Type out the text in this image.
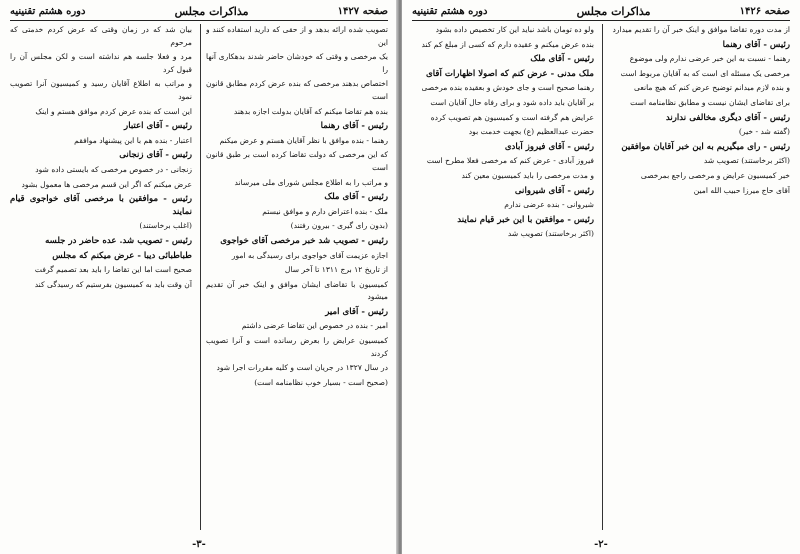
صفحه ۱۴۲۷
مذاکرات مجلس
دوره هشتم تقنينيه

تصویب شده ارائه بدهد و از حقی که دارید استفاده کنند و این

یک مرخصی و وقتی که خودشان حاضر شدند بدهکاری آنها را

اختصاص بدهند مرخصی که بنده عرض کردم مطابق قانون است

بنده هم تقاضا میکنم که آقایان بدولت اجازه بدهند

رئیس - آقای رهنما

رهنما - بنده موافق با نظر آقایان هستم و عرض میکنم

که این مرخصی که دولت تقاضا کرده است بر طبق قانون است

و مراتب را به اطلاع مجلس شورای ملی میرساند

رئیس - آقای ملک

ملک - بنده اعتراض دارم و موافق نیستم

(بدون رای گیری - بیرون رفتند)

رئیس - تصویب شد خبر مرخصی آقای خواجوی

اجازه عزیمت آقای خواجوی برای رسیدگی به امور

از تاریخ ۱۲ برج ۱۳۱۱ تا آخر سال

کمیسیون با تقاضای ایشان موافق و اینک خبر آن تقدیم میشود

رئیس - آقای امیر

امیر - بنده در خصوص این تقاضا عرضی داشتم

کمیسیون عرایض را بعرض رسانده است و آنرا تصویب کردند

در سال ۱۳۲۷ در جریان است و کلیه مقررات اجرا شود

(صحیح است - بسیار خوب نظامنامه است)

بیان شد که در زمان وقتی که عرض کردم خدمتی که مرحوم

مرد و فعلا جلسه هم نداشته است و لکن مجلس آن را قبول کرد

و مراتب به اطلاع آقایان رسید و کمیسیون آنرا تصویب نمود

این است که بنده عرض کردم موافق هستم و اینک

رئیس - آقای اعتبار

اعتبار - بنده هم با این پیشنهاد موافقم

رئیس - آقای زنجانی

زنجانی - در خصوص مرخصی که بایستی داده شود

عرض میکنم که اگر این قسم مرخصی ها معمول بشود

رئیس - موافقین با مرخصی آقای خواجوی قیام نمایند

(اغلب برخاستند)

رئیس - تصویب شد. عده حاضر در جلسه

طباطبائی دیبا - عرض میکنم که مجلس

صحیح است اما این تقاضا را باید بعد تصمیم گرفت

آن وقت باید به کمیسیون بفرستیم که رسیدگی کند

-۳-
صفحه ۱۴۲۶
مذاکرات مجلس
دوره هشتم تقنینیه

از مدت دوره تقاضا موافق و اینک خبر آن را تقدیم میدارد

رئیس - آقای رهنما

رهنما - نسبت به این خبر عرضی ندارم ولی موضوع

مرخصی یک مسئله ای است که به آقایان مربوط است

و بنده لازم میدانم توضیح عرض کنم که هیچ مانعی

برای تقاضای ایشان نیست و مطابق نظامنامه است

رئیس - آقای دیگری مخالفی ندارند

(گفته شد - خیر)

رئیس - رای میگیریم به این خبر آقایان موافقین

(اکثر برخاستند) تصویب شد

خبر کمیسیون عرایض و مرخصی راجع بمرخصی

آقای حاج میرزا حبیب الله امین

ولو ده تومان باشد نباید این کار تخصیص داده بشود

بنده عرض میکنم و عقیده دارم که کسی از مبلغ کم کند

رئیس - آقای ملک

ملک مدنی - عرض کنم که اصولا اظهارات آقای

رهنما صحیح است و جای خودش و بعقیده بنده مرخصی

بر آقایان باید داده شود و برای رفاه حال آقایان است

عرایض هم گرفته است و کمیسیون هم تصویب کرده

حضرت عبدالعظیم (ع) بجهت خدمت بود

رئیس - آقای فیروز آبادی

فیروز آبادی - عرض کنم که مرخصی فعلا مطرح است

و مدت مرخصی را باید کمیسیون معین کند

رئیس - آقای شیروانی

شیروانی - بنده عرضی ندارم

رئیس - موافقین با این خبر قیام نمایند

(اکثر برخاستند) تصویب شد

-۲-
